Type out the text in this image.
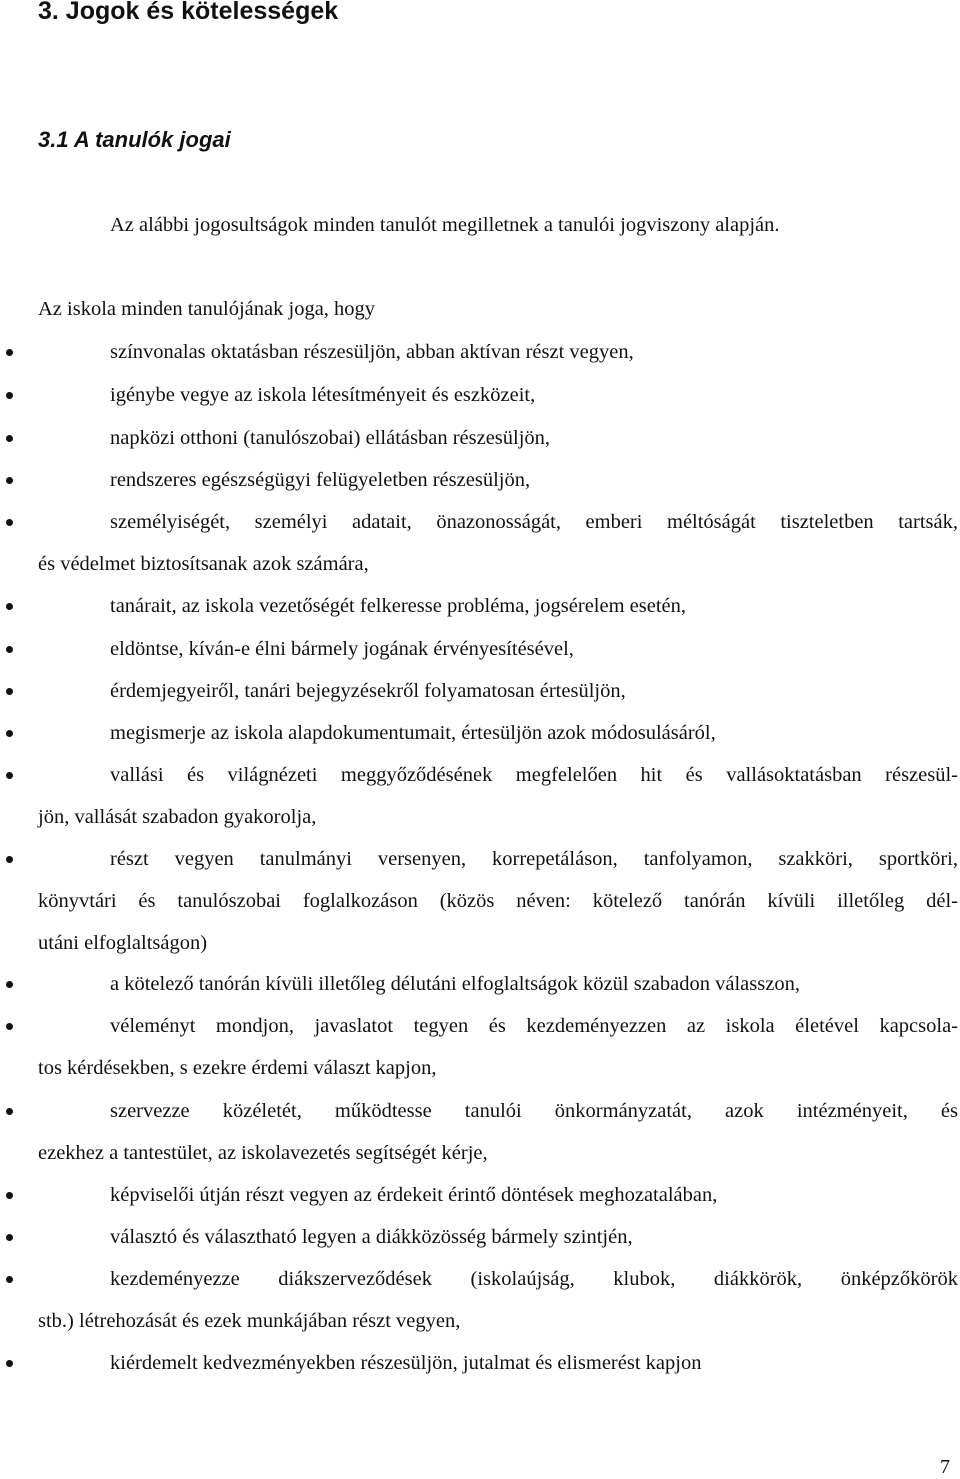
3. Jogok és kötelességek
3.1 A tanulók jogai
Az alábbi jogosultságok minden tanulót megilletnek a tanulói jogviszony alapján.
Az iskola minden tanulójának joga, hogy
színvonalas oktatásban részesüljön, abban aktívan részt vegyen,
igénybe vegye az iskola létesítményeit és eszközeit,
napközi otthoni (tanulószobai) ellátásban részesüljön,
rendszeres egészségügyi felügyeletben részesüljön,
személyiségét, személyi adatait, önazonosságát, emberi méltóságát tiszteletben tartsák,
és védelmet biztosítsanak azok számára,
tanárait, az iskola vezetőségét felkeresse probléma, jogsérelem esetén,
eldöntse, kíván-e élni bármely jogának érvényesítésével,
érdemjegyeiről, tanári bejegyzésekről folyamatosan értesüljön,
megismerje az iskola alapdokumentumait, értesüljön azok módosulásáról,
vallási és világnézeti meggyőződésének megfelelően hit és vallásoktatásban részesül-
jön, vallását szabadon gyakorolja,
részt vegyen tanulmányi versenyen, korrepetáláson, tanfolyamon, szakköri, sportköri,
könyvtári és tanulószobai foglalkozáson (közös néven: kötelező tanórán kívüli illetőleg dél-
utáni elfoglaltságon)
a kötelező tanórán kívüli illetőleg délutáni elfoglaltságok közül szabadon válasszon,
véleményt mondjon, javaslatot tegyen és kezdeményezzen az iskola életével kapcsola-
tos kérdésekben, s ezekre érdemi választ kapjon,
szervezze közéletét, működtesse tanulói önkormányzatát, azok intézményeit, és
ezekhez a tantestület, az iskolavezetés segítségét kérje,
képviselői útján részt vegyen az érdekeit érintő döntések meghozatalában,
választó és választható legyen a diákközösség bármely szintjén,
kezdeményezze diákszerveződések (iskolaújság, klubok, diákkörök, önképzőkörök
stb.) létrehozását és ezek munkájában részt vegyen,
kiérdemelt kedvezményekben részesüljön, jutalmat és elismerést kapjon
7
